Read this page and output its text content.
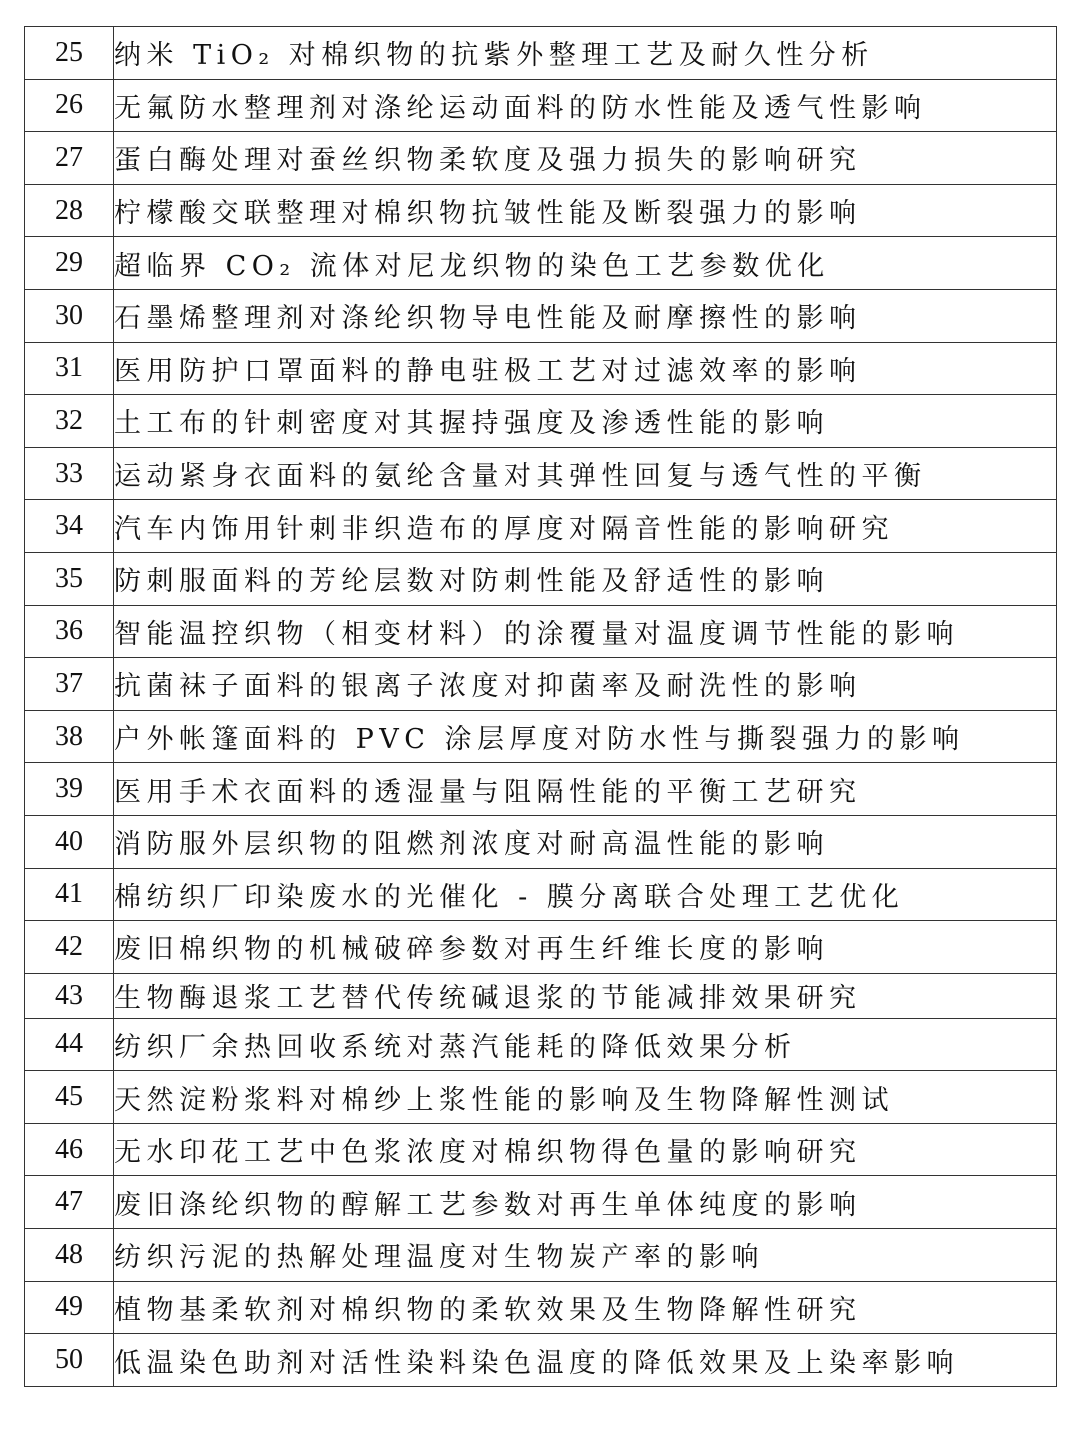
25	纳米 TiO₂ 对棉织物的抗紫外整理工艺及耐久性分析
26	无氟防水整理剂对涤纶运动面料的防水性能及透气性影响
27	蛋白酶处理对蚕丝织物柔软度及强力损失的影响研究
28	柠檬酸交联整理对棉织物抗皱性能及断裂强力的影响
29	超临界 CO₂ 流体对尼龙织物的染色工艺参数优化
30	石墨烯整理剂对涤纶织物导电性能及耐摩擦性的影响
31	医用防护口罩面料的静电驻极工艺对过滤效率的影响
32	土工布的针刺密度对其握持强度及渗透性能的影响
33	运动紧身衣面料的氨纶含量对其弹性回复与透气性的平衡
34	汽车内饰用针刺非织造布的厚度对隔音性能的影响研究
35	防刺服面料的芳纶层数对防刺性能及舒适性的影响
36	智能温控织物（相变材料）的涂覆量对温度调节性能的影响
37	抗菌袜子面料的银离子浓度对抑菌率及耐洗性的影响
38	户外帐篷面料的 PVC 涂层厚度对防水性与撕裂强力的影响
39	医用手术衣面料的透湿量与阻隔性能的平衡工艺研究
40	消防服外层织物的阻燃剂浓度对耐高温性能的影响
41	棉纺织厂印染废水的光催化 - 膜分离联合处理工艺优化
42	废旧棉织物的机械破碎参数对再生纤维长度的影响
43	生物酶退浆工艺替代传统碱退浆的节能减排效果研究
44	纺织厂余热回收系统对蒸汽能耗的降低效果分析
45	天然淀粉浆料对棉纱上浆性能的影响及生物降解性测试
46	无水印花工艺中色浆浓度对棉织物得色量的影响研究
47	废旧涤纶织物的醇解工艺参数对再生单体纯度的影响
48	纺织污泥的热解处理温度对生物炭产率的影响
49	植物基柔软剂对棉织物的柔软效果及生物降解性研究
50	低温染色助剂对活性染料染色温度的降低效果及上染率影响
